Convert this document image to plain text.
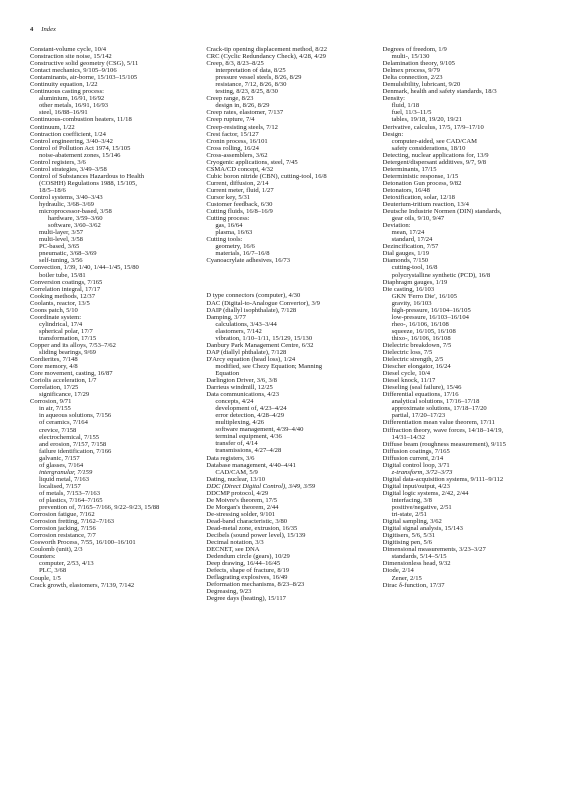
4 Index
Constant-volume cycle, 10/4
Constraction site noise, 15/142
Constructive solid geometry (CSG), 5/11
Contact mechanics, 9/105–9/106
Contaminants, air-borne, 15/103–15/105
Continuity equation, 1/22
Continuous casting process:
aluminium, 16/91, 16/92
other metals, 16/91, 16/93
steel, 16/88–16/91
Continuous-combustion heaters, 11/18
Continuum, 1/22
Contraction coefficient, 1/24
Control engineering, 3/40–3/42
Control of Pollution Act 1974, 15/105
noise-abatement zones, 15/146
Control registers, 3/6
Control strategies, 3/49–3/58
Control of Substances Hazardous to Health
(COSHH) Regulations 1988, 15/105,
18/5–18/6
Control systems, 3/40–3/43
hydraulic, 3/68–3/69
microprocessor-based, 3/58
hardware, 3/59–3/60
software, 3/60–3/62
multi-layer, 3/57
multi-level, 3/58
PC-based, 3/65
pneumatic, 3/68–3/69
self-tuning, 3/56
Convection, 1/39, 1/40, 1/44–1/45, 15/80
boiler tube, 15/81
Conversion coatings, 7/165
Correlation integral, 17/17
Cooking methods, 12/37
Coolants, reactor, 13/5
Coons patch, 5/10
Coordinate system:
cylindrical, 17/4
spherical polar, 17/7
transformation, 17/15
Copper and its alloys, 7/53–7/62
sliding bearings, 9/69
Cordierites, 7/148
Core memory, 4/8
Core movement, casting, 16/87
Coriolis acceleration, 1/7
Correlation, 17/25
significance, 17/29
Corrosion, 9/71
in air, 7/155
in aqueous solutions, 7/156
of ceramics, 7/164
crevice, 7/158
electrochemical, 7/155
and erosion, 7/157, 7/158
failure identification, 7/166
galvanic, 7/157
of glasses, 7/164
intergranular, 7/159
liquid metal, 7/163
localised, 7/157
of metals, 7/153–7/163
of plastics, 7/164–7/165
prevention of, 7/165–7/166, 9/22–9/23, 15/88
Corrosion fatigue, 7/162
Corrosion fretting, 7/162–7/163
Corrosion jacking, 7/156
Corrosion resistance, 7/7
Cosworth Process, 7/55, 16/100–16/101
Coulomb (unit), 2/3
Counters:
computer, 2/53, 4/13
PLC, 3/68
Couple, 1/5
Crack growth, elastomers, 7/139, 7/142
Crack-tip opening displacement method, 8/22
CRC (Cyclic Redundancy Check), 4/28, 4/29
Creep, 8/3, 8/23–8/25
interpretation of data, 8/25
pressure vessel steels, 8/26, 8/29
resistance, 7/12, 8/26, 8/30
testing, 8/23, 8/25, 8/30
Creep range, 8/23
design in, 8/26, 8/29
Creep rates, elastomer, 7/137
Creep rupture, 7/4
Creep-resisting steels, 7/12
Crest factor, 15/127
Cronin process, 16/101
Cross rolling, 16/24
Cross-assemblers, 3/62
Cryogenic applications, steel, 7/45
CSMA/CD concept, 4/32
Cubic boron nitride (CBN), cutting-tool, 16/8
Current, diffusion, 2/14
Current meter, fluid, 1/27
Cursor key, 5/31
Customer feedback, 6/30
Cutting fluids, 16/8–16/9
Cutting process:
gas, 16/64
plasma, 16/63
Cutting tools:
geometry, 16/6
materials, 16/7–16/8
Cyanoacrylate adhesives, 16/73
D type connectors (computer), 4/30
DAC (Digital-to-Analogue Convertor), 3/9
DAIP (diallyl isophthalate), 7/128
Damping, 3/77
calculations, 3/43–3/44
elastomers, 7/142
vibration, 1/10–1/11, 15/129, 15/130
Danbury Park Management Centre, 6/32
DAP (diallyl phthalate), 7/128
D'Arcy equation (head loss), 1/24
modified, see Chezy Equation; Manning
Equation
Darlington Driver, 3/6, 3/8
Darrieus windmill, 12/25
Data communications, 4/23
concepts, 4/24
development of, 4/23–4/24
error detection, 4/28–4/29
multiplexing, 4/26
software management, 4/39–4/40
terminal equipment, 4/36
transfer of, 4/14
transmissions, 4/27–4/28
Data registers, 3/6
Database management, 4/40–4/41
CAD/CAM, 5/9
Dating, nuclear, 13/10
DDC (Direct Digital Control), 3/49, 3/59
DDCMP protocol, 4/29
De Moivre's theorem, 17/5
De Morgan's theorem, 2/44
De-stressing solder, 9/101
Dead-band characteristic, 3/80
Dead-metal zone, extrusion, 16/35
Decibels (sound power level), 15/139
Decimal notation, 3/3
DECNET, see DNA
Dedendum circle (gears), 10/29
Deep drawing, 16/44–16/45
Defects, shape of fracture, 8/19
Deflagrating explosives, 16/49
Deformation mechanisms, 8/23–8/23
Degreasing, 9/23
Degree days (heating), 15/117
Degrees of freedom, 1/9
multi-, 15/130
Delamination theory, 9/105
Delmex process, 9/79
Delta connection, 2/23
Demulsibility, lubricant, 9/20
Denmark, health and safety standards, 18/3
Density:
fluid, 1/18
fuel, 11/3–11/5
tables, 19/18, 19/20, 19/21
Derivative, calculus, 17/5, 17/9–17/10
Design:
computer-aided, see CAD/CAM
safety considerations, 18/10
Detecting, nuclear applications for, 13/9
Detergent/dispersant additives, 9/7, 9/8
Determinants, 17/15
Deterministic response, 1/15
Detonation Gun process, 9/82
Detonators, 16/48
Detoxification, solar, 12/18
Deuterium-tritium reaction, 13/4
Deutsche Industrie Normen (DIN) standards,
gear oils, 9/10, 9/47
Deviation:
mean, 17/24
standard, 17/24
Dezincification, 7/57
Dial gauges, 1/19
Diamonds, 7/150
cutting-tool, 16/8
polycrystalline synthetic (PCD), 16/8
Diaphragm gauges, 1/19
Die casting, 16/103
GKN 'Ferro Die', 16/105
gravity, 16/103
high-pressure, 16/104–16/105
low-pressure, 16/103–16/104
rheo-, 16/106, 16/108
squeeze, 16/105, 16/108
thixo-, 16/106, 16/108
Dielectric breakdown, 7/5
Dielectric loss, 7/5
Dielectric strength, 2/5
Diescher elongator, 16/24
Diesel cycle, 10/4
Diesel knock, 11/17
Dieseling (seal failure), 15/46
Differential equations, 17/16
analytical solutions, 17/16–17/18
approximate solutions, 17/18–17/20
partial, 17/20–17/23
Differentiation mean value theorem, 17/11
Diffraction theory, wave forces, 14/18–14/19,
14/31–14/32
Diffuse beam (roughness measurement), 9/115
Diffusion coatings, 7/165
Diffusion current, 2/14
Digital control loop, 3/71
z-transform, 3/72–3/73
Digital data-acquisition systems, 9/111–9/112
Digital input/output, 4/23
Digital logic systems, 2/42, 2/44
interfacing, 3/8
positive/negative, 2/51
tri-state, 2/51
Digital sampling, 3/62
Digital signal analysis, 15/143
Digitisers, 5/6, 5/31
Digitising pen, 5/6
Dimensional measurements, 3/23–3/27
standards, 5/14–5/15
Dimensionless head, 9/32
Diode, 2/14
Zener, 2/15
Dirac δ-function, 17/37
